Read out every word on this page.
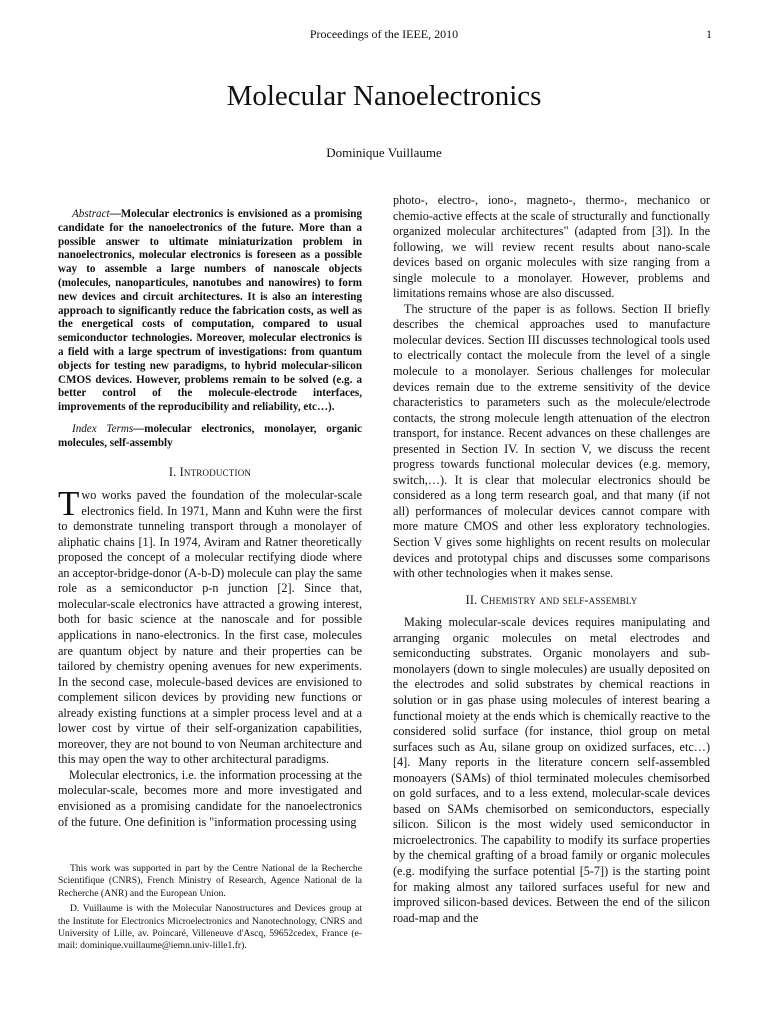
Proceedings of the IEEE, 2010	1
Molecular Nanoelectronics
Dominique Vuillaume

Abstract—Molecular electronics is envisioned as a promising candidate for the nanoelectronics of the future. More than a possible answer to ultimate miniaturization problem in nanoelectronics, molecular electronics is foreseen as a possible way to assemble a large numbers of nanoscale objects (molecules, nanoparticules, nanotubes and nanowires) to form new devices and circuit architectures. It is also an interesting approach to significantly reduce the fabrication costs, as well as the energetical costs of computation, compared to usual semiconductor technologies. Moreover, molecular electronics is a field with a large spectrum of investigations: from quantum objects for testing new paradigms, to hybrid molecular-silicon CMOS devices. However, problems remain to be solved (e.g. a better control of the molecule-electrode interfaces, improvements of the reproducibility and reliability, etc…).

Index Terms—molecular electronics, monolayer, organic molecules, self-assembly

I. Introduction

Two works paved the foundation of the molecular-scale electronics field. In 1971, Mann and Kuhn were the first to demonstrate tunneling transport through a monolayer of aliphatic chains [1]. In 1974, Aviram and Ratner theoretically proposed the concept of a molecular rectifying diode where an acceptor-bridge-donor (A-b-D) molecule can play the same role as a semiconductor p-n junction [2]. Since that, molecular-scale electronics have attracted a growing interest, both for basic science at the nanoscale and for possible applications in nano-electronics. In the first case, molecules are quantum object by nature and their properties can be tailored by chemistry opening avenues for new experiments. In the second case, molecule-based devices are envisioned to complement silicon devices by providing new functions or already existing functions at a simpler process level and at a lower cost by virtue of their self-organization capabilities, moreover, they are not bound to von Neuman architecture and this may open the way to other architectural paradigms.

Molecular electronics, i.e. the information processing at the molecular-scale, becomes more and more investigated and envisioned as a promising candidate for the nanoelectronics of the future. One definition is "information processing using

This work was supported in part by the Centre National de la Recherche Scientifique (CNRS), French Ministry of Research, Agence National de la Recherche (ANR) and the European Union.

D. Vuillaume is with the Molecular Nanostructures and Devices group at the Institute for Electronics Microelectronics and Nanotechnology, CNRS and University of Lille, av. Poincaré, Villeneuve d'Ascq, 59652cedex, France (e-mail: dominique.vuillaume@iemn.univ-lille1.fr).

photo-, electro-, iono-, magneto-, thermo-, mechanico or chemio-active effects at the scale of structurally and functionally organized molecular architectures" (adapted from [3]). In the following, we will review recent results about nano-scale devices based on organic molecules with size ranging from a single molecule to a monolayer. However, problems and limitations remains whose are also discussed.

The structure of the paper is as follows. Section II briefly describes the chemical approaches used to manufacture molecular devices. Section III discusses technological tools used to electrically contact the molecule from the level of a single molecule to a monolayer. Serious challenges for molecular devices remain due to the extreme sensitivity of the device characteristics to parameters such as the molecule/electrode contacts, the strong molecule length attenuation of the electron transport, for instance. Recent advances on these challenges are presented in Section IV. In section V, we discuss the recent progress towards functional molecular devices (e.g. memory, switch,…). It is clear that molecular electronics should be considered as a long term research goal, and that many (if not all) performances of molecular devices cannot compare with more mature CMOS and other less exploratory technologies. Section V gives some highlights on recent results on molecular devices and prototypal chips and discusses some comparisons with other technologies when it makes sense.

II. Chemistry and self-assembly

Making molecular-scale devices requires manipulating and arranging organic molecules on metal electrodes and semiconducting substrates. Organic monolayers and sub-monolayers (down to single molecules) are usually deposited on the electrodes and solid substrates by chemical reactions in solution or in gas phase using molecules of interest bearing a functional moiety at the ends which is chemically reactive to the considered solid surface (for instance, thiol group on metal surfaces such as Au, silane group on oxidized surfaces, etc…) [4]. Many reports in the literature concern self-assembled monoayers (SAMs) of thiol terminated molecules chemisorbed on gold surfaces, and to a less extend, molecular-scale devices based on SAMs chemisorbed on semiconductors, especially silicon. Silicon is the most widely used semiconductor in microelectronics. The capability to modify its surface properties by the chemical grafting of a broad family or organic molecules (e.g. modifying the surface potential [5-7]) is the starting point for making almost any tailored surfaces useful for new and improved silicon-based devices. Between the end of the silicon road-map and the
